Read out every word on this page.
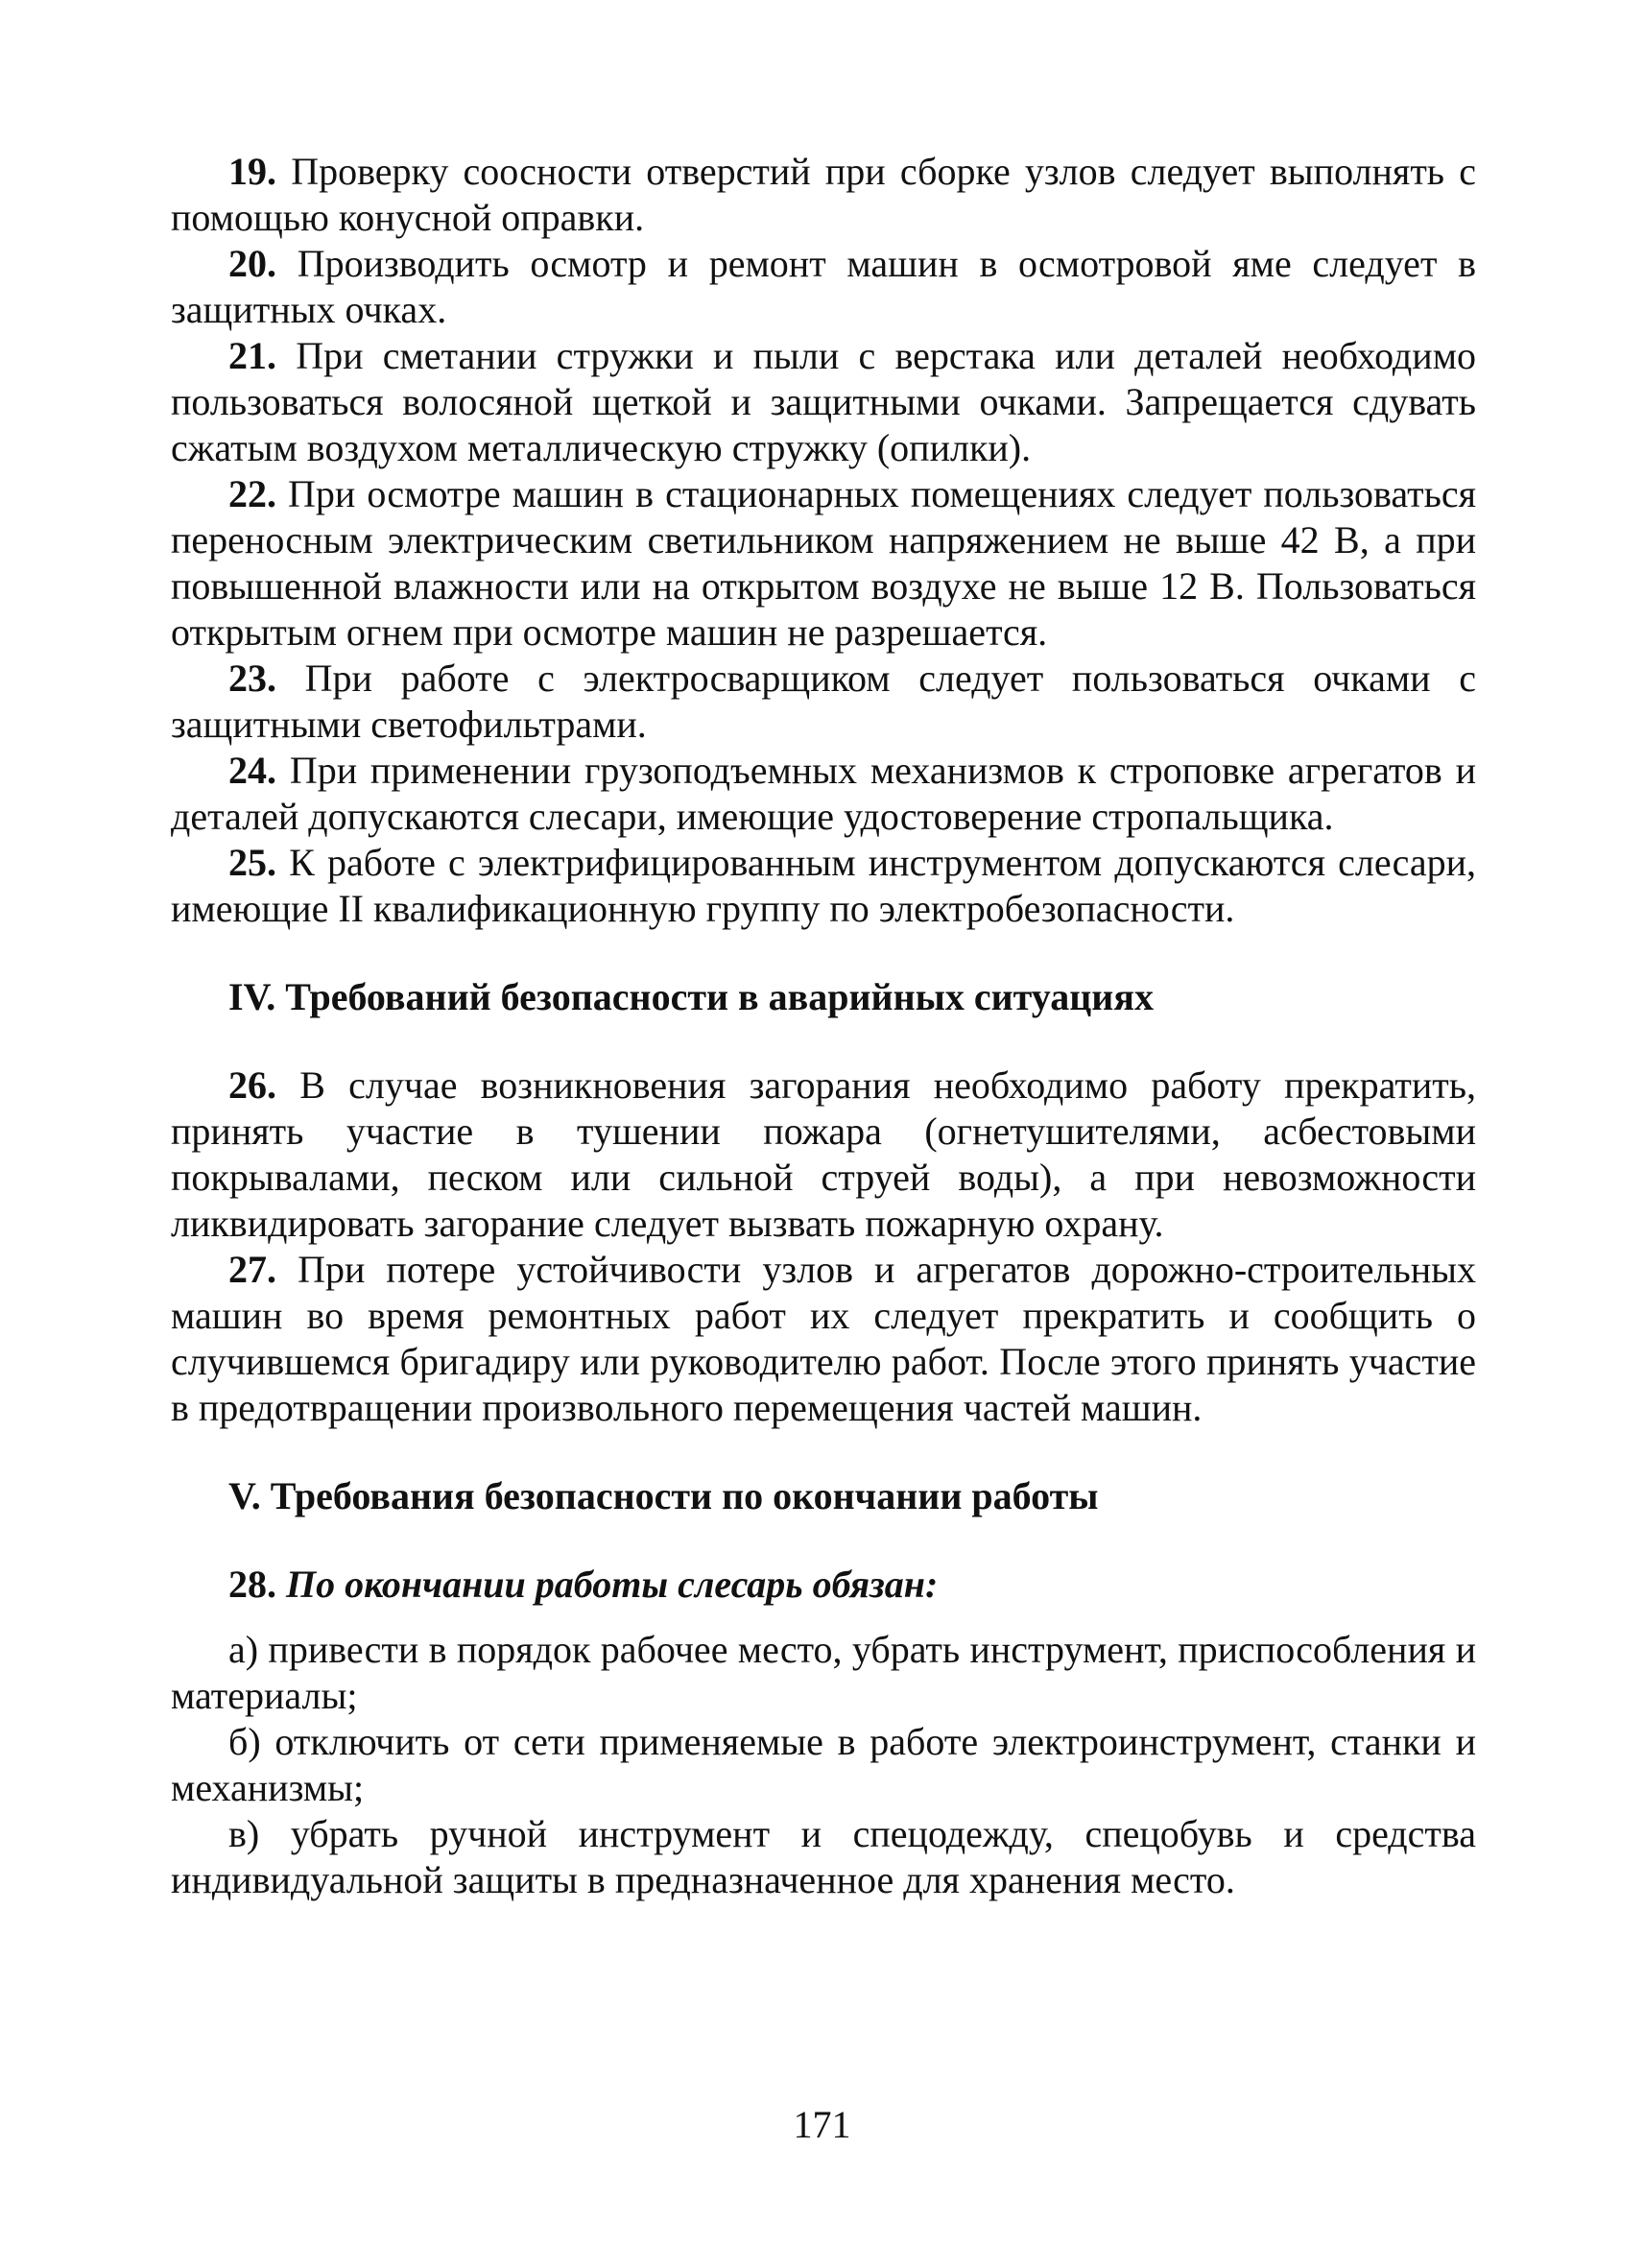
19. Проверку соосности отверстий при сборке узлов следует выполнять с помощью конусной оправки.

20. Производить осмотр и ремонт машин в осмотровой яме следует в защитных очках.

21. При сметании стружки и пыли с верстака или деталей необходимо пользоваться волосяной щеткой и защитными очками. Запрещается сдувать сжатым воздухом металлическую стружку (опилки).

22. При осмотре машин в стационарных помещениях следует пользоваться переносным электрическим светильником напряжением не выше 42 В, а при повышенной влажности или на открытом воздухе не выше 12 В. Пользоваться открытым огнем при осмотре машин не разрешается.

23. При работе с электросварщиком следует пользоваться очками с защитными светофильтрами.

24. При применении грузоподъемных механизмов к строповке агрегатов и деталей допускаются слесари, имеющие удостоверение стропальщика.

25. К работе с электрифицированным инструментом допускаются слесари, имеющие II квалификационную группу по электробезопасности.

IV. Требований безопасности в аварийных ситуациях

26. В случае возникновения загорания необходимо работу прекратить, принять участие в тушении пожара (огнетушителями, асбестовыми покрывалами, песком или сильной струей воды), а при невозможности ликвидировать загорание следует вызвать пожарную охрану.

27. При потере устойчивости узлов и агрегатов дорожно-строительных машин во время ремонтных работ их следует прекратить и сообщить о случившемся бригадиру или руководителю работ. После этого принять участие в предотвращении произвольного перемещения частей машин.

V. Требования безопасности по окончании работы

28. По окончании работы слесарь обязан:

а) привести в порядок рабочее место, убрать инструмент, приспособления и материалы;

б) отключить от сети применяемые в работе электроинструмент, станки и механизмы;

в) убрать ручной инструмент и спецодежду, спецобувь и средства индивидуальной защиты в предназначенное для хранения место.

171
